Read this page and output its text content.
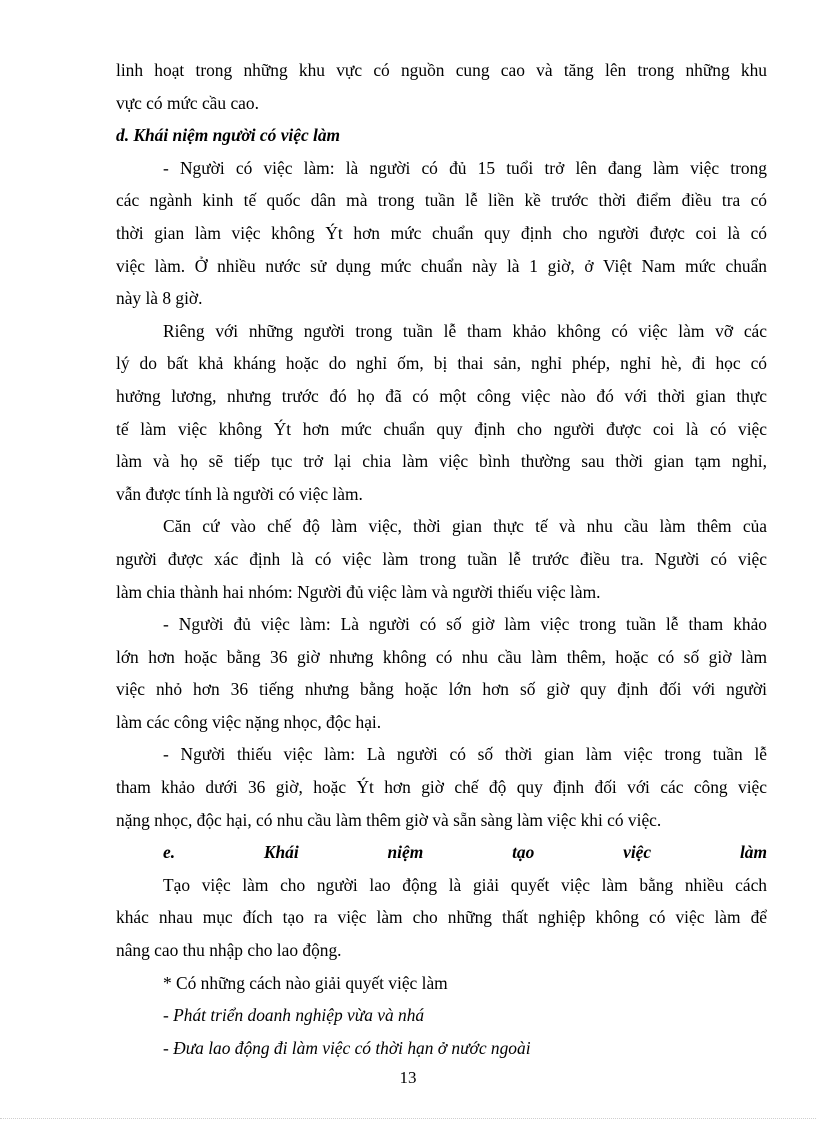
linh hoạt trong những khu vực có nguồn cung cao và tăng lên trong những khu
vực có mức cầu cao.
d. Khái niệm người có việc làm
- Người có việc làm: là người có đủ 15 tuổi trở lên đang làm việc trong
các ngành kinh tế quốc dân mà trong tuần lễ liền kề trước thời điểm điều tra có
thời gian làm việc không Ýt hơn mức chuẩn quy định cho người được coi là có
việc làm. Ở nhiều nước sử dụng mức chuẩn này là 1 giờ, ở Việt Nam mức chuẩn
này là 8 giờ.
Riêng với những người trong tuần lễ tham khảo không có việc làm vỡ các
lý do bất khả kháng hoặc do nghỉ ốm, bị thai sản, nghỉ phép, nghỉ hè, đi học có
hưởng lương, nhưng trước đó họ đã có một công việc nào đó với thời gian thực
tế làm việc không Ýt hơn mức chuẩn quy định cho người được coi là có việc
làm và họ sẽ tiếp tục trở lại chia làm việc bình thường sau thời gian tạm nghỉ,
vẫn được tính là người có việc làm.
Căn cứ vào chế độ làm việc, thời gian thực tế và nhu cầu làm thêm của
người được xác định là có việc làm trong tuần lễ trước điều tra. Người có việc
làm chia thành hai nhóm: Người đủ việc làm và người thiếu việc làm.
- Người đủ việc làm: Là người có số giờ làm việc trong tuần lễ tham khảo
lớn hơn hoặc bằng 36 giờ nhưng không có nhu cầu làm thêm, hoặc có số giờ làm
việc nhỏ hơn 36 tiếng nhưng bằng hoặc lớn hơn số giờ quy định đối với người
làm các công việc nặng nhọc, độc hại.
- Người thiếu việc làm: Là người có số thời gian làm việc trong tuần lễ
tham khảo dưới 36 giờ, hoặc Ýt hơn giờ chế độ quy định đối với các công việc
nặng nhọc, độc hại, có nhu cầu làm thêm giờ và sẵn sàng làm việc khi có việc.
e. Khái niệm tạo việc làm
Tạo việc làm cho người lao động là giải quyết việc làm bằng nhiều cách
khác nhau mục đích tạo ra việc làm cho những thất nghiệp không có việc làm để
nâng cao thu nhập cho lao động.
* Có những cách nào giải quyết việc làm
- Phát triển doanh nghiệp vừa và nhá
- Đưa lao động đi làm việc có thời hạn ở nước ngoài
13
